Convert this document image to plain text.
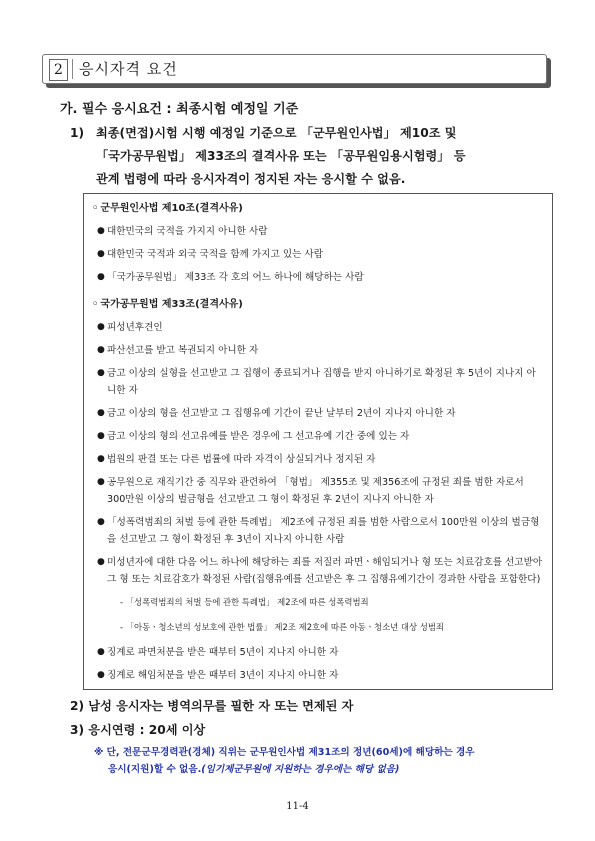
2	응시자격 요건
가. 필수 응시요건 : 최종시험 예정일 기준
1) 최종(면접)시험 시행 예정일 기준으로 「군무원인사법」 제10조 및
「국가공무원법」 제33조의 결격사유 또는 「공무원임용시험령」 등
관계 법령에 따라 응시자격이 정지된 자는 응시할 수 없음.
◦ 군무원인사법 제10조(결격사유)
● 대한민국의 국적을 가지지 아니한 사람
● 대한민국 국적과 외국 국적을 함께 가지고 있는 사람
● 「국가공무원법」 제33조 각 호의 어느 하나에 해당하는 사람
◦ 국가공무원법 제33조(결격사유)
● 피성년후견인
● 파산선고를 받고 복권되지 아니한 자
● 금고 이상의 실형을 선고받고 그 집행이 종료되거나 집행을 받지 아니하기로 확정된 후 5년이 지나지 아니한 자
● 금고 이상의 형을 선고받고 그 집행유예 기간이 끝난 날부터 2년이 지나지 아니한 자
● 금고 이상의 형의 선고유예를 받은 경우에 그 선고유예 기간 중에 있는 자
● 법원의 판결 또는 다른 법률에 따라 자격이 상실되거나 정지된 자
● 공무원으로 재직기간 중 직무와 관련하여 「형법」 제355조 및 제356조에 규정된 죄를 범한 자로서 300만원 이상의 벌금형을 선고받고 그 형이 확정된 후 2년이 지나지 아니한 자
● 「성폭력범죄의 처벌 등에 관한 특례법」 제2조에 규정된 죄를 범한 사람으로서 100만원 이상의 벌금형을 선고받고 그 형이 확정된 후 3년이 지나지 아니한 사람
● 미성년자에 대한 다음 어느 하나에 해당하는 죄를 저질러 파면ㆍ해임되거나 형 또는 치료감호를 선고받아 그 형 또는 치료감호가 확정된 사람(집행유예를 선고받은 후 그 집행유예기간이 경과한 사람을 포함한다)
- 「성폭력범죄의 처벌 등에 관한 특례법」 제2조에 따른 성폭력범죄
- 「아동ㆍ청소년의 성보호에 관한 법률」 제2조 제2호에 따른 아동ㆍ청소년 대상 성범죄
● 징계로 파면처분을 받은 때부터 5년이 지나지 아니한 자
● 징계로 해임처분을 받은 때부터 3년이 지나지 아니한 자
2) 남성 응시자는 병역의무를 필한 자 또는 면제된 자
3) 응시연령 : 20세 이상
※ 단, 전문군무경력관(경체) 직위는 군무원인사법 제31조의 정년(60세)에 해당하는 경우
응시(지원)할 수 없음.(임기제군무원에 지원하는 경우에는 해당 없음)
11-4
